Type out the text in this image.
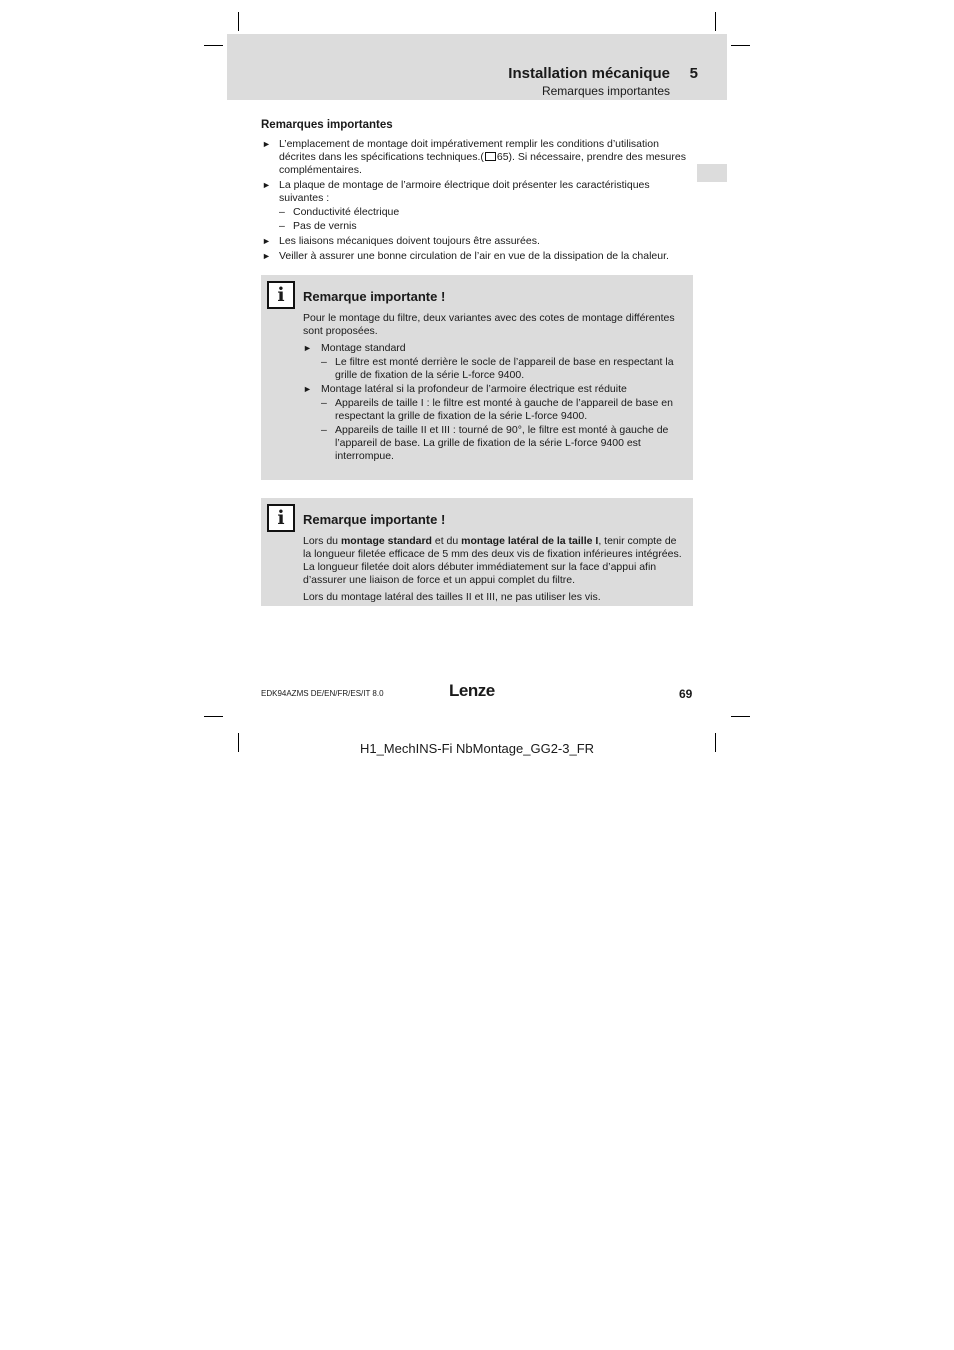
Installation mécanique 5
Remarques importantes
Remarques importantes
► L’emplacement de montage doit impérativement remplir les conditions d’utilisation décrites dans les spécifications techniques.( 65). Si nécessaire, prendre des mesures complémentaires.
► La plaque de montage de l’armoire électrique doit présenter les caractéristiques suivantes :
– Conductivité électrique
– Pas de vernis
► Les liaisons mécaniques doivent toujours être assurées.
► Veiller à assurer une bonne circulation de l’air en vue de la dissipation de la chaleur.
i	Remarque importante !

Pour le montage du filtre, deux variantes avec des cotes de montage différentes sont proposées.

► Montage standard
– Le filtre est monté derrière le socle de l’appareil de base en respectant la grille de fixation de la série L-force 9400.
► Montage latéral si la profondeur de l’armoire électrique est réduite
– Appareils de taille I : le filtre est monté à gauche de l’appareil de base en respectant la grille de fixation de la série L-force 9400.
– Appareils de taille II et III : tourné de 90°, le filtre est monté à gauche de l’appareil de base. La grille de fixation de la série L-force 9400 est interrompue.
i	Remarque importante !

Lors du montage standard et du montage latéral de la taille I, tenir compte de la longueur filetée efficace de 5 mm des deux vis de fixation inférieures intégrées. La longueur filetée doit alors débuter immédiatement sur la face d’appui afin d’assurer une liaison de force et un appui complet du filtre.

Lors du montage latéral des tailles II et III, ne pas utiliser les vis.

EDK94AZMS DE/EN/FR/ES/IT 8.0	Lenze	69
H1_MechINS-Fi NbMontage_GG2-3_FR
